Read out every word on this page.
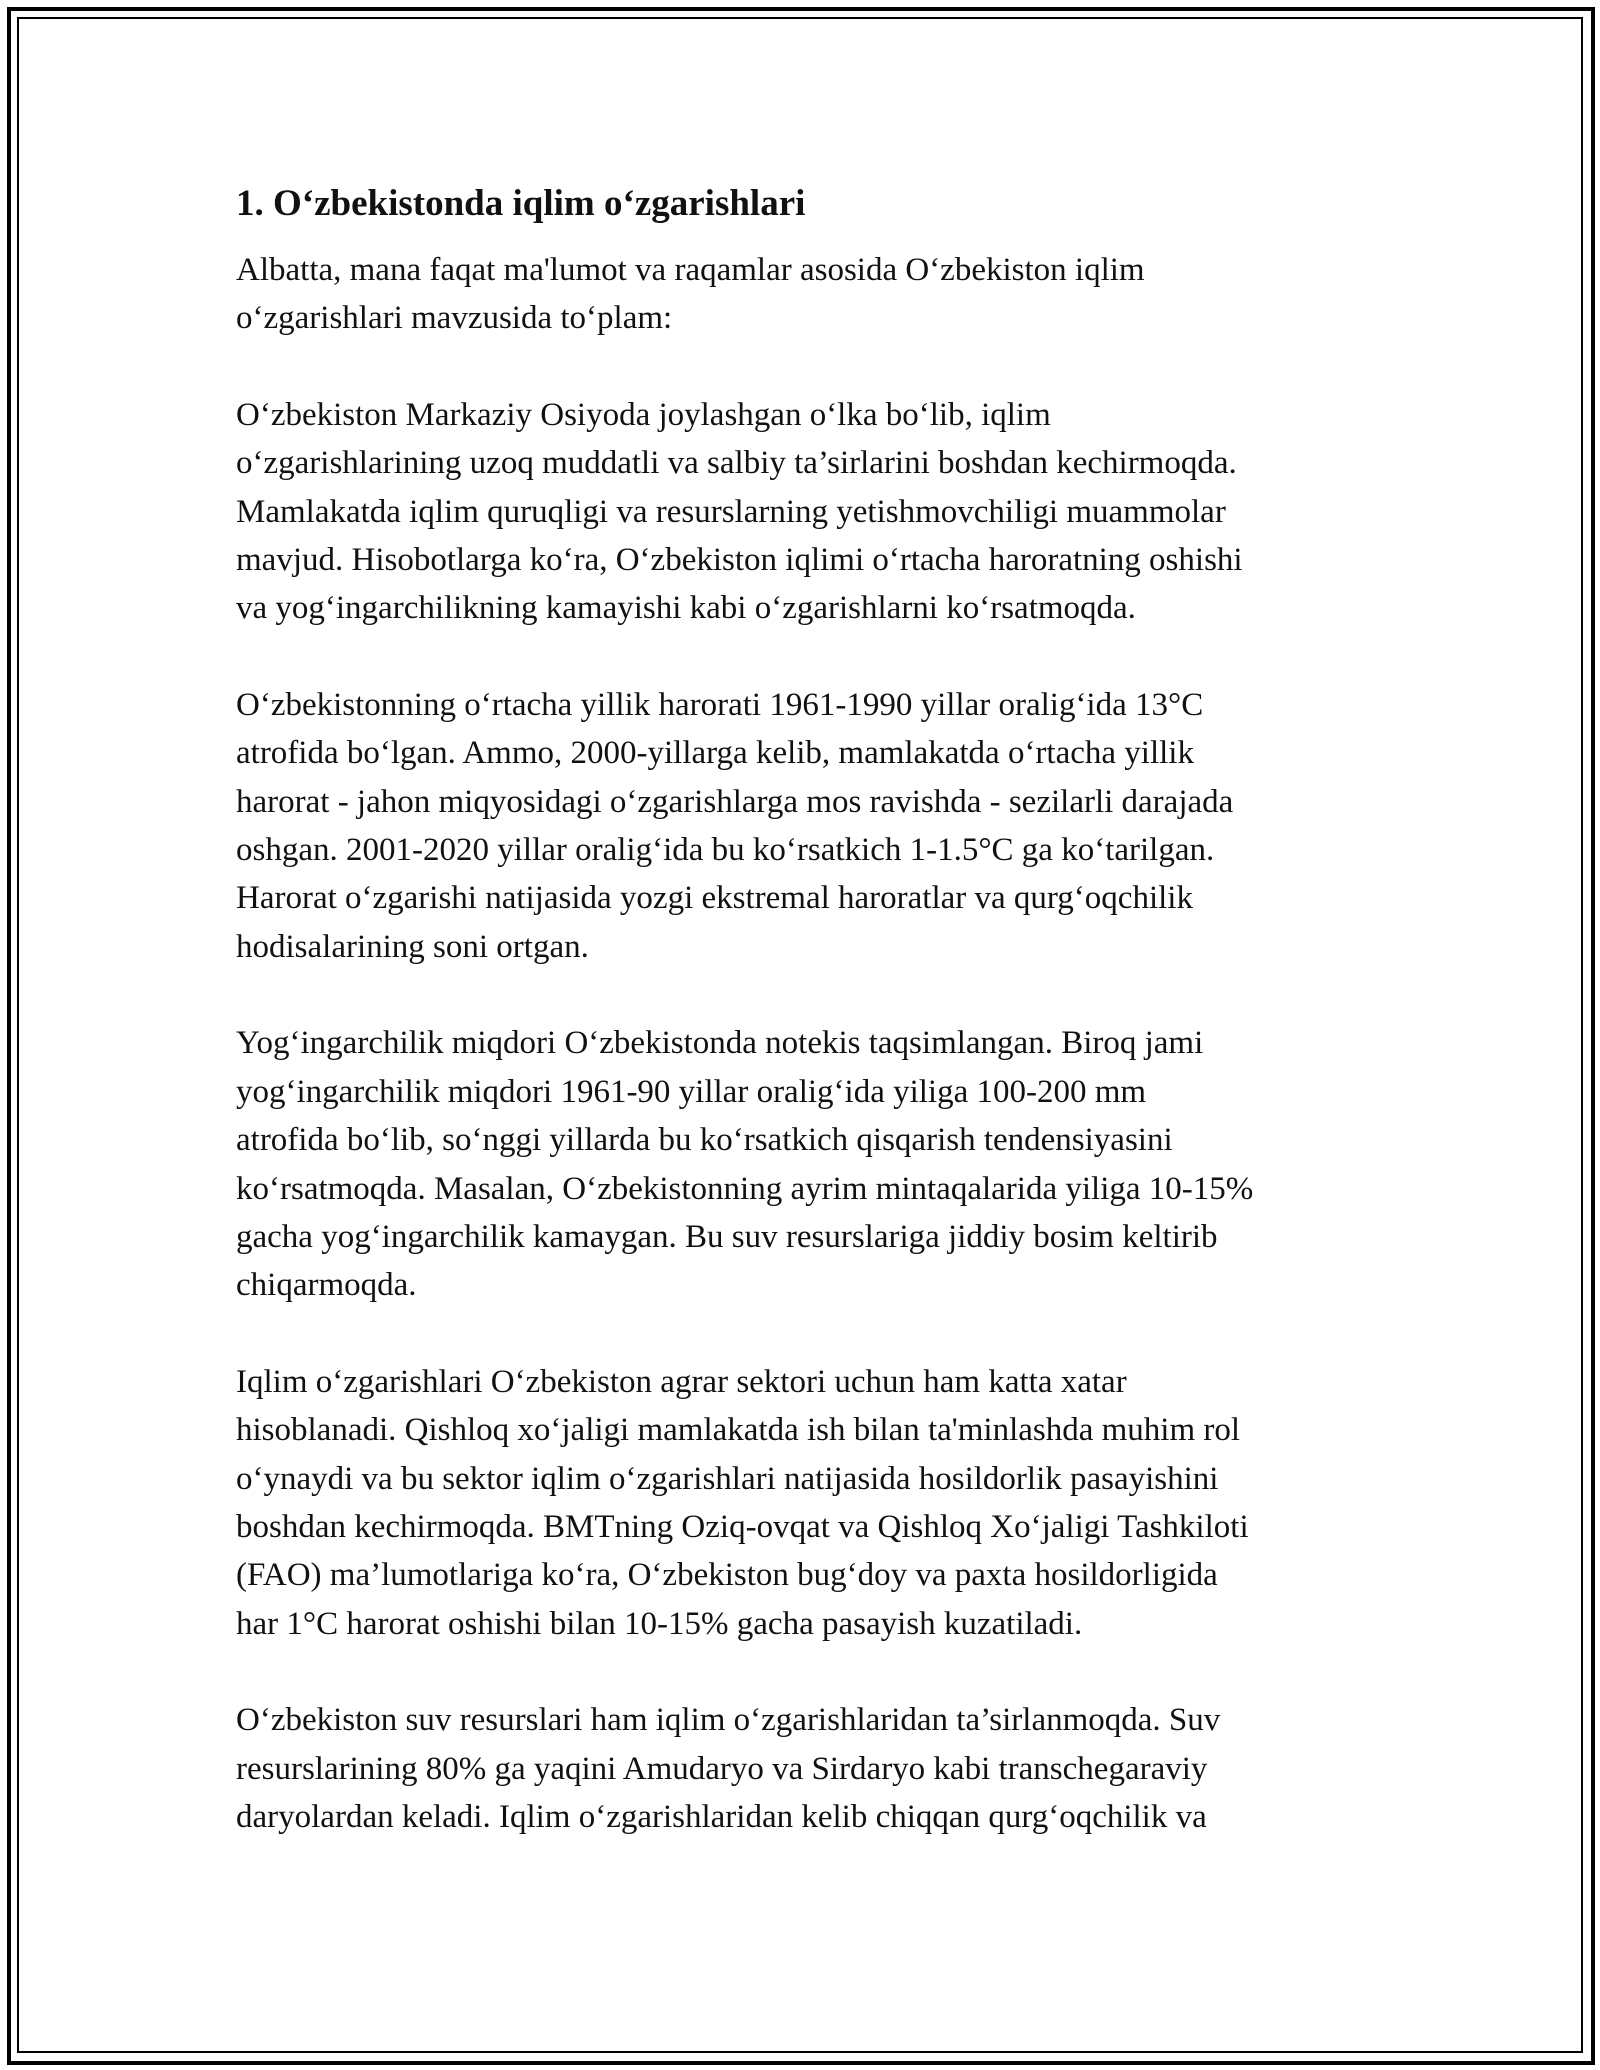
1. O‘zbekistonda iqlim o‘zgarishlari
Albatta, mana faqat ma'lumot va raqamlar asosida O‘zbekiston iqlim
o‘zgarishlari mavzusida to‘plam:
O‘zbekiston Markaziy Osiyoda joylashgan o‘lka bo‘lib, iqlim
o‘zgarishlarining uzoq muddatli va salbiy ta’sirlarini boshdan kechirmoqda.
Mamlakatda iqlim quruqligi va resurslarning yetishmovchiligi muammolar
mavjud. Hisobotlarga ko‘ra, O‘zbekiston iqlimi o‘rtacha haroratning oshishi
va yog‘ingarchilikning kamayishi kabi o‘zgarishlarni ko‘rsatmoqda.
O‘zbekistonning o‘rtacha yillik harorati 1961-1990 yillar oralig‘ida 13°C
atrofida bo‘lgan. Ammo, 2000-yillarga kelib, mamlakatda o‘rtacha yillik
harorat - jahon miqyosidagi o‘zgarishlarga mos ravishda - sezilarli darajada
oshgan. 2001-2020 yillar oralig‘ida bu ko‘rsatkich 1-1.5°C ga ko‘tarilgan.
Harorat o‘zgarishi natijasida yozgi ekstremal haroratlar va qurg‘oqchilik
hodisalarining soni ortgan.
Yog‘ingarchilik miqdori O‘zbekistonda notekis taqsimlangan. Biroq jami
yog‘ingarchilik miqdori 1961-90 yillar oralig‘ida yiliga 100-200 mm
atrofida bo‘lib, so‘nggi yillarda bu ko‘rsatkich qisqarish tendensiyasini
ko‘rsatmoqda. Masalan, O‘zbekistonning ayrim mintaqalarida yiliga 10-15%
gacha yog‘ingarchilik kamaygan. Bu suv resurslariga jiddiy bosim keltirib
chiqarmoqda.
Iqlim o‘zgarishlari O‘zbekiston agrar sektori uchun ham katta xatar
hisoblanadi. Qishloq xo‘jaligi mamlakatda ish bilan ta'minlashda muhim rol
o‘ynaydi va bu sektor iqlim o‘zgarishlari natijasida hosildorlik pasayishini
boshdan kechirmoqda. BMTning Oziq-ovqat va Qishloq Xo‘jaligi Tashkiloti
(FAO) ma’lumotlariga ko‘ra, O‘zbekiston bug‘doy va paxta hosildorligida
har 1°C harorat oshishi bilan 10-15% gacha pasayish kuzatiladi.
O‘zbekiston suv resurslari ham iqlim o‘zgarishlaridan ta’sirlanmoqda. Suv
resurslarining 80% ga yaqini Amudaryo va Sirdaryo kabi transchegaraviy
daryolardan keladi. Iqlim o‘zgarishlaridan kelib chiqqan qurg‘oqchilik va
